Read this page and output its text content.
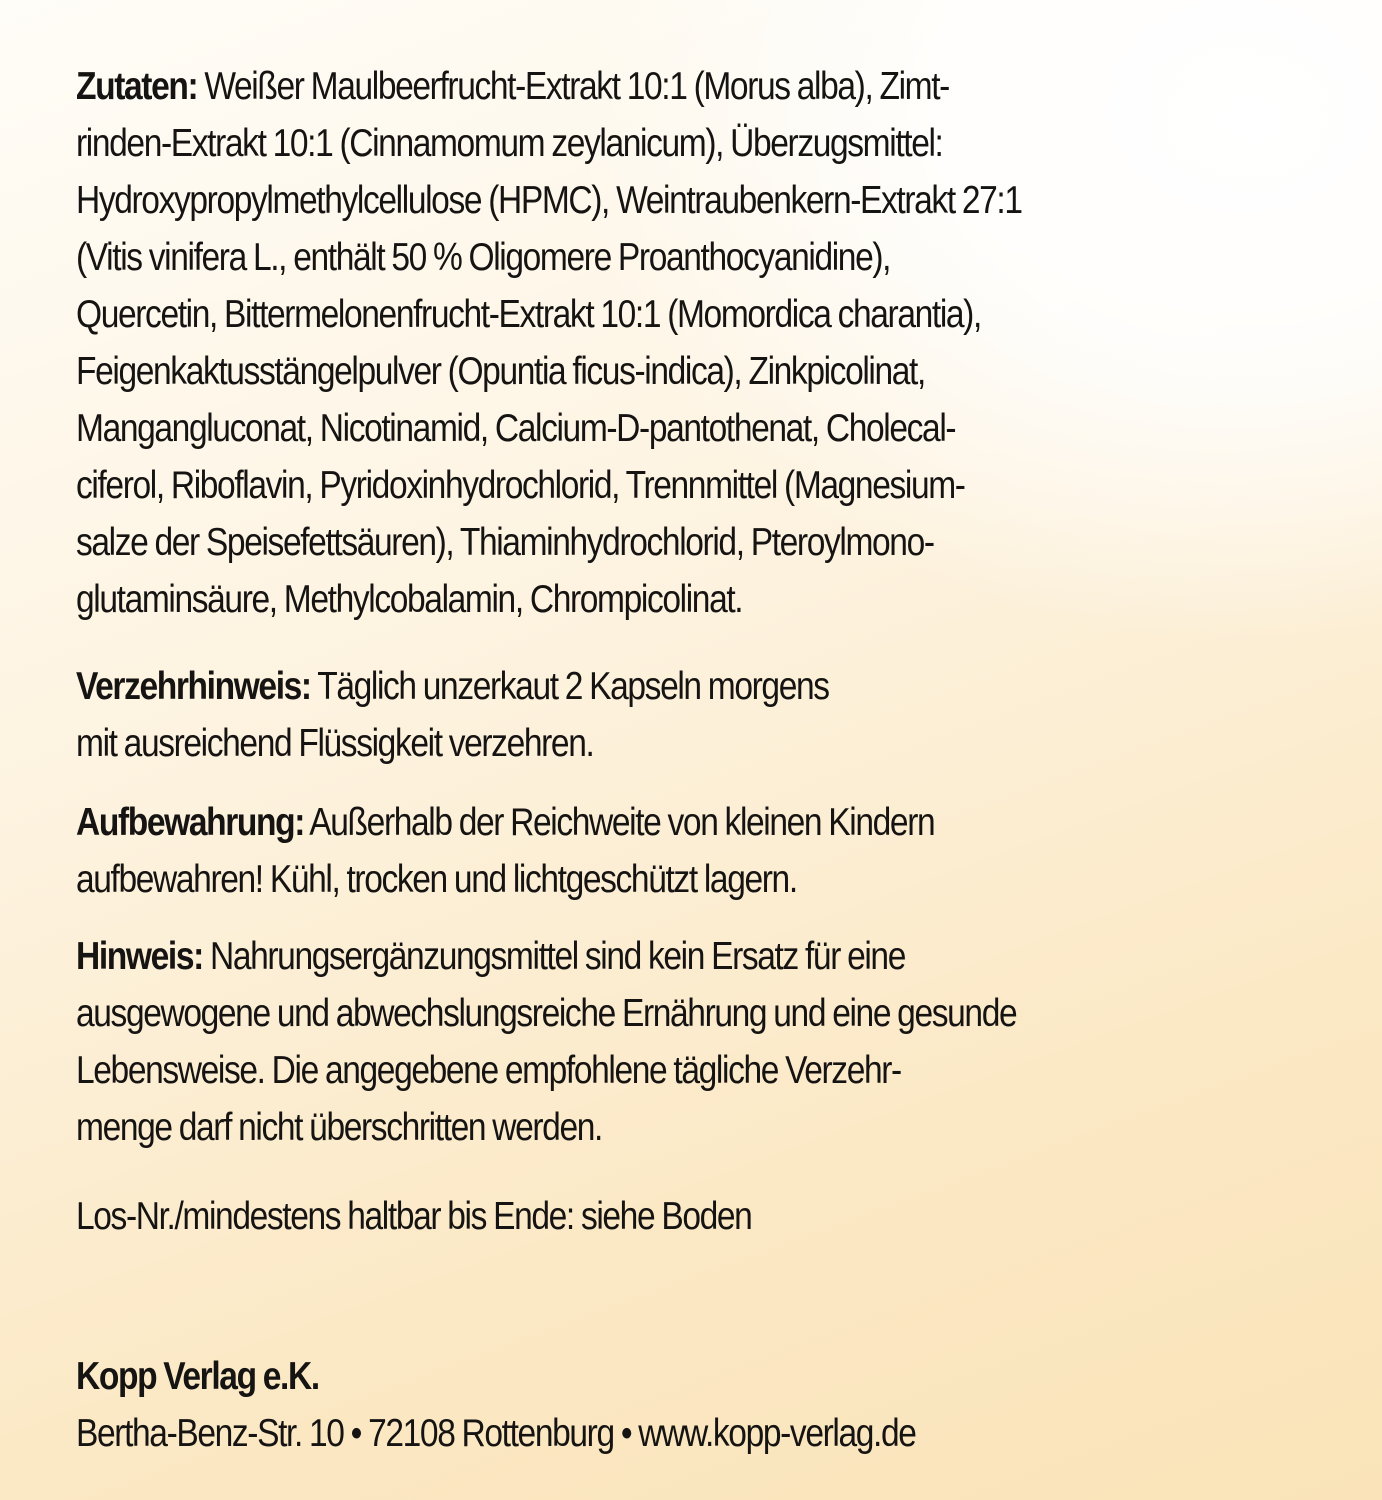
Zutaten: Weißer Maulbeerfrucht-Extrakt 10:1 (Morus alba), Zimt-
rinden-Extrakt 10:1 (Cinnamomum zeylanicum), Überzugsmittel:
Hydroxypropylmethylcellulose (HPMC), Weintraubenkern-Extrakt 27:1
(Vitis vinifera L., enthält 50 % Oligomere Proanthocyanidine),
Quercetin, Bittermelonenfrucht-Extrakt 10:1 (Momordica charantia),
Feigenkaktusstängelpulver (Opuntia ficus-indica), Zinkpicolinat,
Mangangluconat, Nicotinamid, Calcium-D-pantothenat, Cholecal-
ciferol, Riboflavin, Pyridoxinhydrochlorid, Trennmittel (Magnesium-
salze der Speisefettsäuren), Thiaminhydrochlorid, Pteroylmono-
glutaminsäure, Methylcobalamin, Chrompicolinat.

Verzehrhinweis: Täglich unzerkaut 2 Kapseln morgens
mit ausreichend Flüssigkeit verzehren.

Aufbewahrung: Außerhalb der Reichweite von kleinen Kindern
aufbewahren! Kühl, trocken und lichtgeschützt lagern.

Hinweis: Nahrungsergänzungsmittel sind kein Ersatz für eine
ausgewogene und abwechslungsreiche Ernährung und eine gesunde
Lebensweise. Die angegebene empfohlene tägliche Verzehr-
menge darf nicht überschritten werden.

Los-Nr./mindestens haltbar bis Ende: siehe Boden

Kopp Verlag e.K.
Bertha-Benz-Str. 10 • 72108 Rottenburg • www.kopp-verlag.de
